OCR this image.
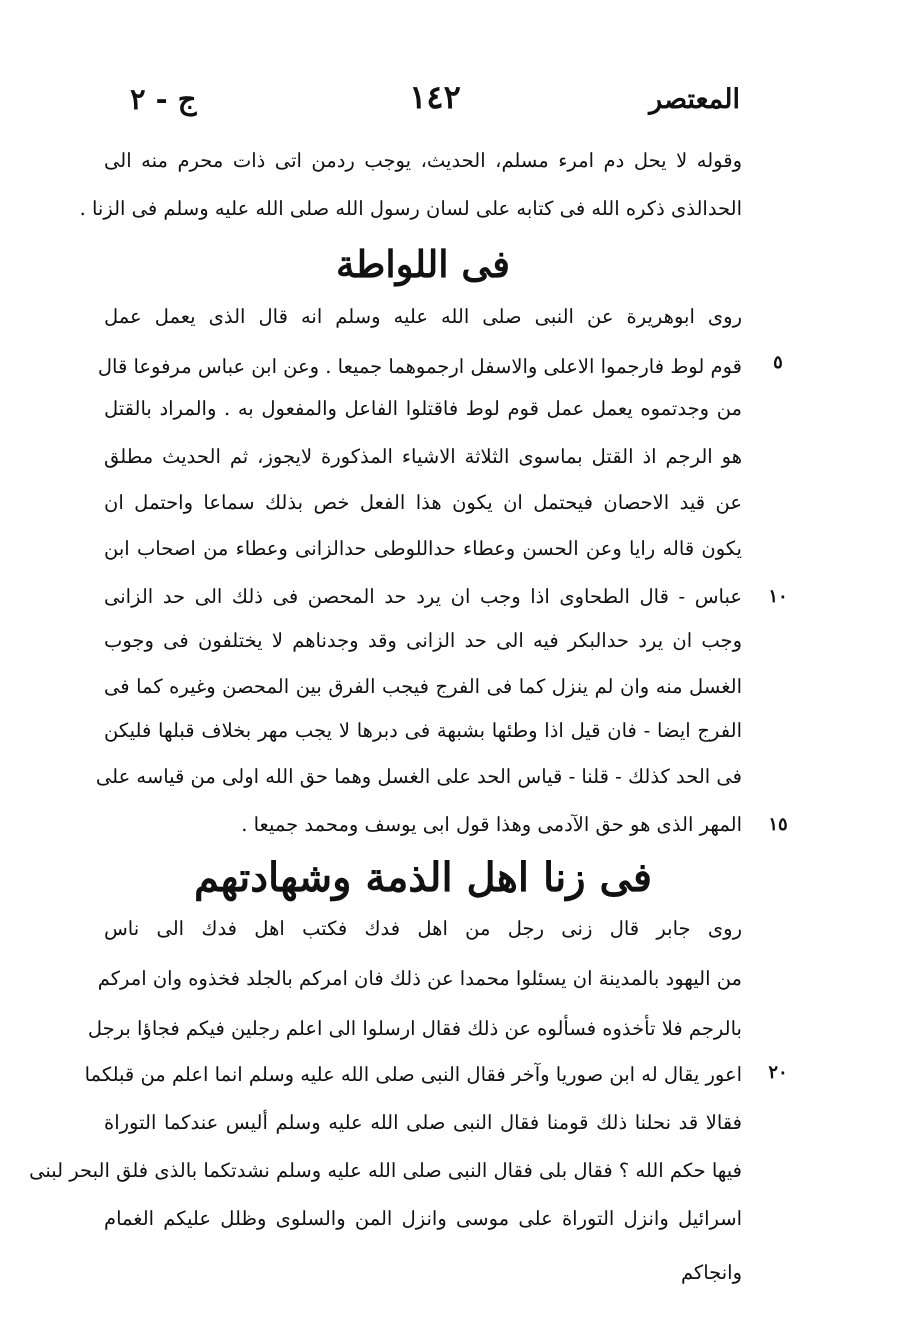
المعتصر
١٤٢
ج - ٢
وقوله لا يحل دم امرء مسلم، الحديث، يوجب ردمن اتى ذات محرم منه الى
الحدالذى ذكره الله فى كتابه على لسان رسول الله صلى الله عليه وسلم فى الزنا .
فى اللواطة
روى ابوهريرة عن النبى صلى الله عليه وسلم انه قال الذى يعمل عمل
قوم لوط فارجموا الاعلى والاسفل ارجموهما جميعا . وعن ابن عباس مرفوعا قال
من وجدتموه يعمل عمل قوم لوط فاقتلوا الفاعل والمفعول به . والمراد بالقتل
هو الرجم اذ القتل بماسوى الثلاثة الاشياء المذكورة لايجوز، ثم الحديث مطلق
عن قيد الاحصان فيحتمل ان يكون هذا الفعل خص بذلك سماعا واحتمل ان
يكون قاله رايا وعن الحسن وعطاء حداللوطى حدالزانى وعطاء من اصحاب ابن
عباس - قال الطحاوى اذا وجب ان يرد حد المحصن فى ذلك الى حد الزانى
وجب ان يرد حدالبكر فيه الى حد الزانى وقد وجدناهم لا يختلفون فى وجوب
الغسل منه وان لم ينزل كما فى الفرج فيجب الفرق بين المحصن وغيره كما فى
الفرج ايضا - فان قيل اذا وطئها بشبهة فى دبرها لا يجب مهر بخلاف قبلها فليكن
فى الحد كذلك - قلنا - قياس الحد على الغسل وهما حق الله اولى من قياسه على
المهر الذى هو حق الآدمى وهذا قول ابى يوسف ومحمد جميعا .
فى زنا اهل الذمة وشهادتهم
روى جابر قال زنى رجل من اهل فدك فكتب اهل فدك الى ناس
من اليهود بالمدينة ان يسئلوا محمدا عن ذلك فان امركم بالجلد فخذوه وان امركم
بالرجم فلا تأخذوه فسألوه عن ذلك فقال ارسلوا الى اعلم رجلين فيكم فجاؤا برجل
اعور يقال له ابن صوريا وآخر فقال النبى صلى الله عليه وسلم انما اعلم من قبلكما
فقالا قد نحلنا ذلك قومنا فقال النبى صلى الله عليه وسلم أليس عندكما التوراة
فيها حكم الله ؟ فقال بلى فقال النبى صلى الله عليه وسلم نشدتكما بالذى فلق البحر لبنى
اسرائيل وانزل التوراة على موسى وانزل المن والسلوى وظلل عليكم الغمام
وانجاكم
٥
١٠
١٥
٢٠
